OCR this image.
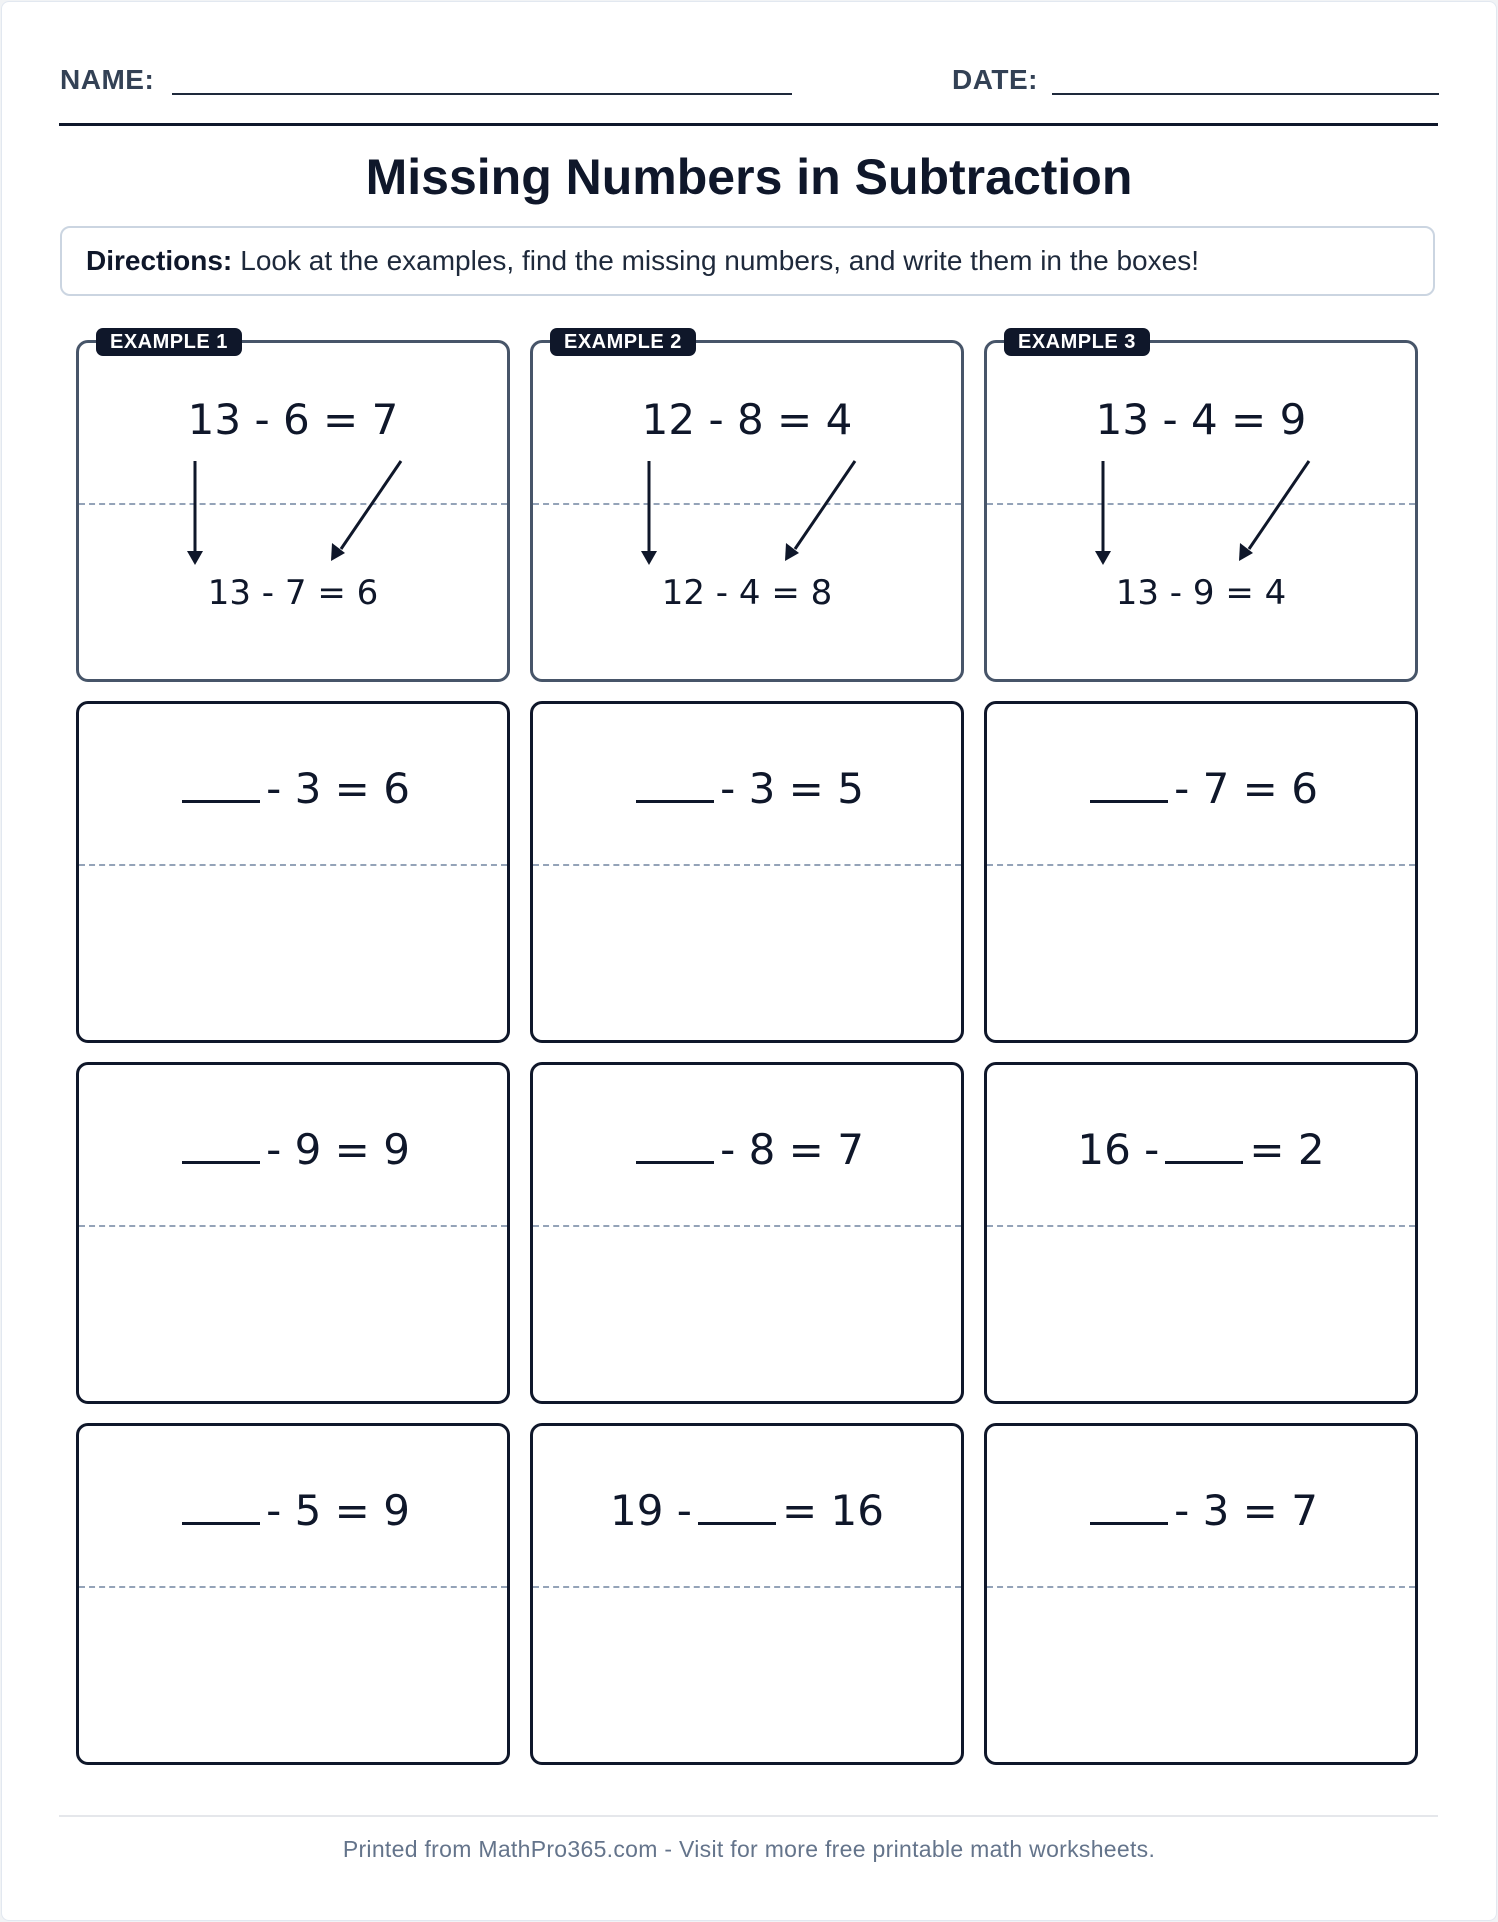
NAME:	DATE:
Missing Numbers in Subtraction
Directions: Look at the examples, find the missing numbers, and write them in the boxes!
13 - 6 = 7
13 - 7 = 6
EXAMPLE 1
12 - 8 = 4
12 - 4 = 8
EXAMPLE 2
13 - 4 = 9
13 - 9 = 4
EXAMPLE 3
- 3 = 6	- 3 = 5	- 7 = 6
- 9 = 9	- 8 = 7	16 - = 2
- 5 = 9	19 - = 16	- 3 = 7
Printed from MathPro365.com - Visit for more free printable math worksheets.
